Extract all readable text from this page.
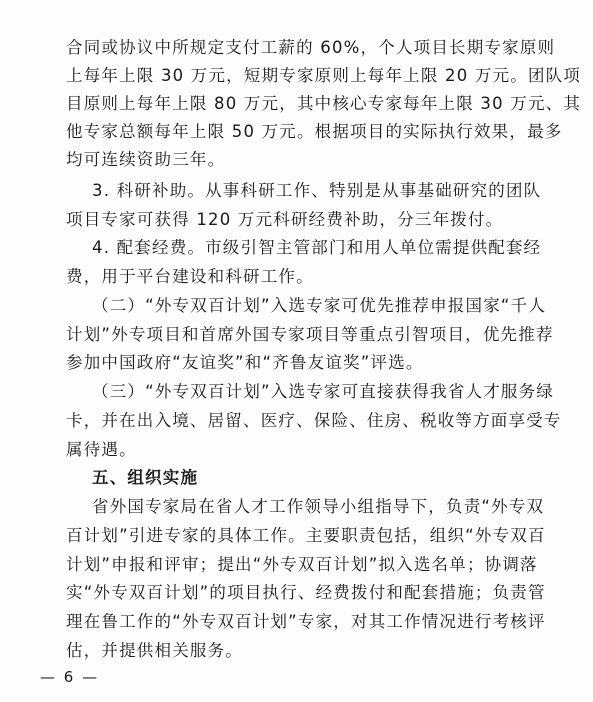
合同或协议中所规定支付工薪的 60%，个人项目长期专家原则
上每年上限 30 万元，短期专家原则上每年上限 20 万元。团队项
目原则上每年上限 80 万元，其中核心专家每年上限 30 万元、其
他专家总额每年上限 50 万元。根据项目的实际执行效果，最多
均可连续资助三年。
3. 科研补助。从事科研工作、特别是从事基础研究的团队
项目专家可获得 120 万元科研经费补助，分三年拨付。
4. 配套经费。市级引智主管部门和用人单位需提供配套经
费，用于平台建设和科研工作。
（二）“外专双百计划”入选专家可优先推荐申报国家“千人
计划”外专项目和首席外国专家项目等重点引智项目，优先推荐
参加中国政府“友谊奖”和“齐鲁友谊奖”评选。
（三）“外专双百计划”入选专家可直接获得我省人才服务绿
卡，并在出入境、居留、医疗、保险、住房、税收等方面享受专
属待遇。
五、组织实施
省外国专家局在省人才工作领导小组指导下，负责“外专双
百计划”引进专家的具体工作。主要职责包括，组织“外专双百
计划”申报和评审；提出“外专双百计划”拟入选名单；协调落
实“外专双百计划”的项目执行、经费拨付和配套措施；负责管
理在鲁工作的“外专双百计划”专家，对其工作情况进行考核评
估，并提供相关服务。
— 6 —
